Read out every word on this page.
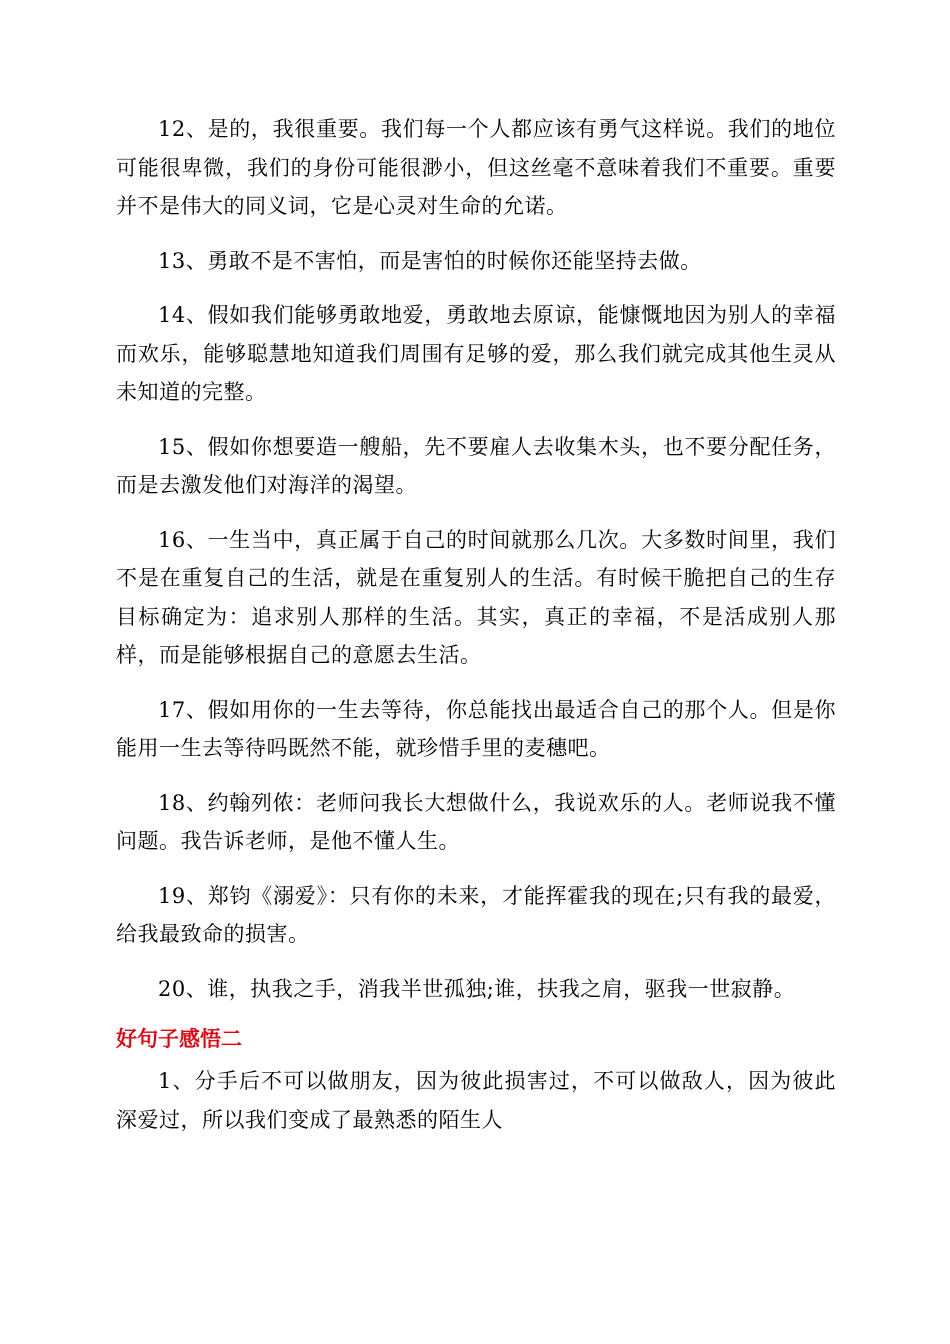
12、是的，我很重要。我们每一个人都应该有勇气这样说。我们的地位可能很卑微，我们的身份可能很渺小，但这丝毫不意味着我们不重要。重要并不是伟大的同义词，它是心灵对生命的允诺。

13、勇敢不是不害怕，而是害怕的时候你还能坚持去做。

14、假如我们能够勇敢地爱，勇敢地去原谅，能慷慨地因为别人的幸福而欢乐，能够聪慧地知道我们周围有足够的爱，那么我们就完成其他生灵从未知道的完整。

15、假如你想要造一艘船，先不要雇人去收集木头，也不要分配任务，而是去激发他们对海洋的渴望。

16、一生当中，真正属于自己的时间就那么几次。大多数时间里，我们不是在重复自己的生活，就是在重复别人的生活。有时候干脆把自己的生存目标确定为：追求别人那样的生活。其实，真正的幸福，不是活成别人那样，而是能够根据自己的意愿去生活。

17、假如用你的一生去等待，你总能找出最适合自己的那个人。但是你能用一生去等待吗既然不能，就珍惜手里的麦穗吧。

18、约翰列侬：老师问我长大想做什么，我说欢乐的人。老师说我不懂问题。我告诉老师，是他不懂人生。

19、郑钧《溺爱》：只有你的未来，才能挥霍我的现在;只有我的最爱，给我最致命的损害。

20、谁，执我之手，消我半世孤独;谁，扶我之肩，驱我一世寂静。

好句子感悟二

1、分手后不可以做朋友，因为彼此损害过，不可以做敌人，因为彼此深爱过，所以我们变成了最熟悉的陌生人
